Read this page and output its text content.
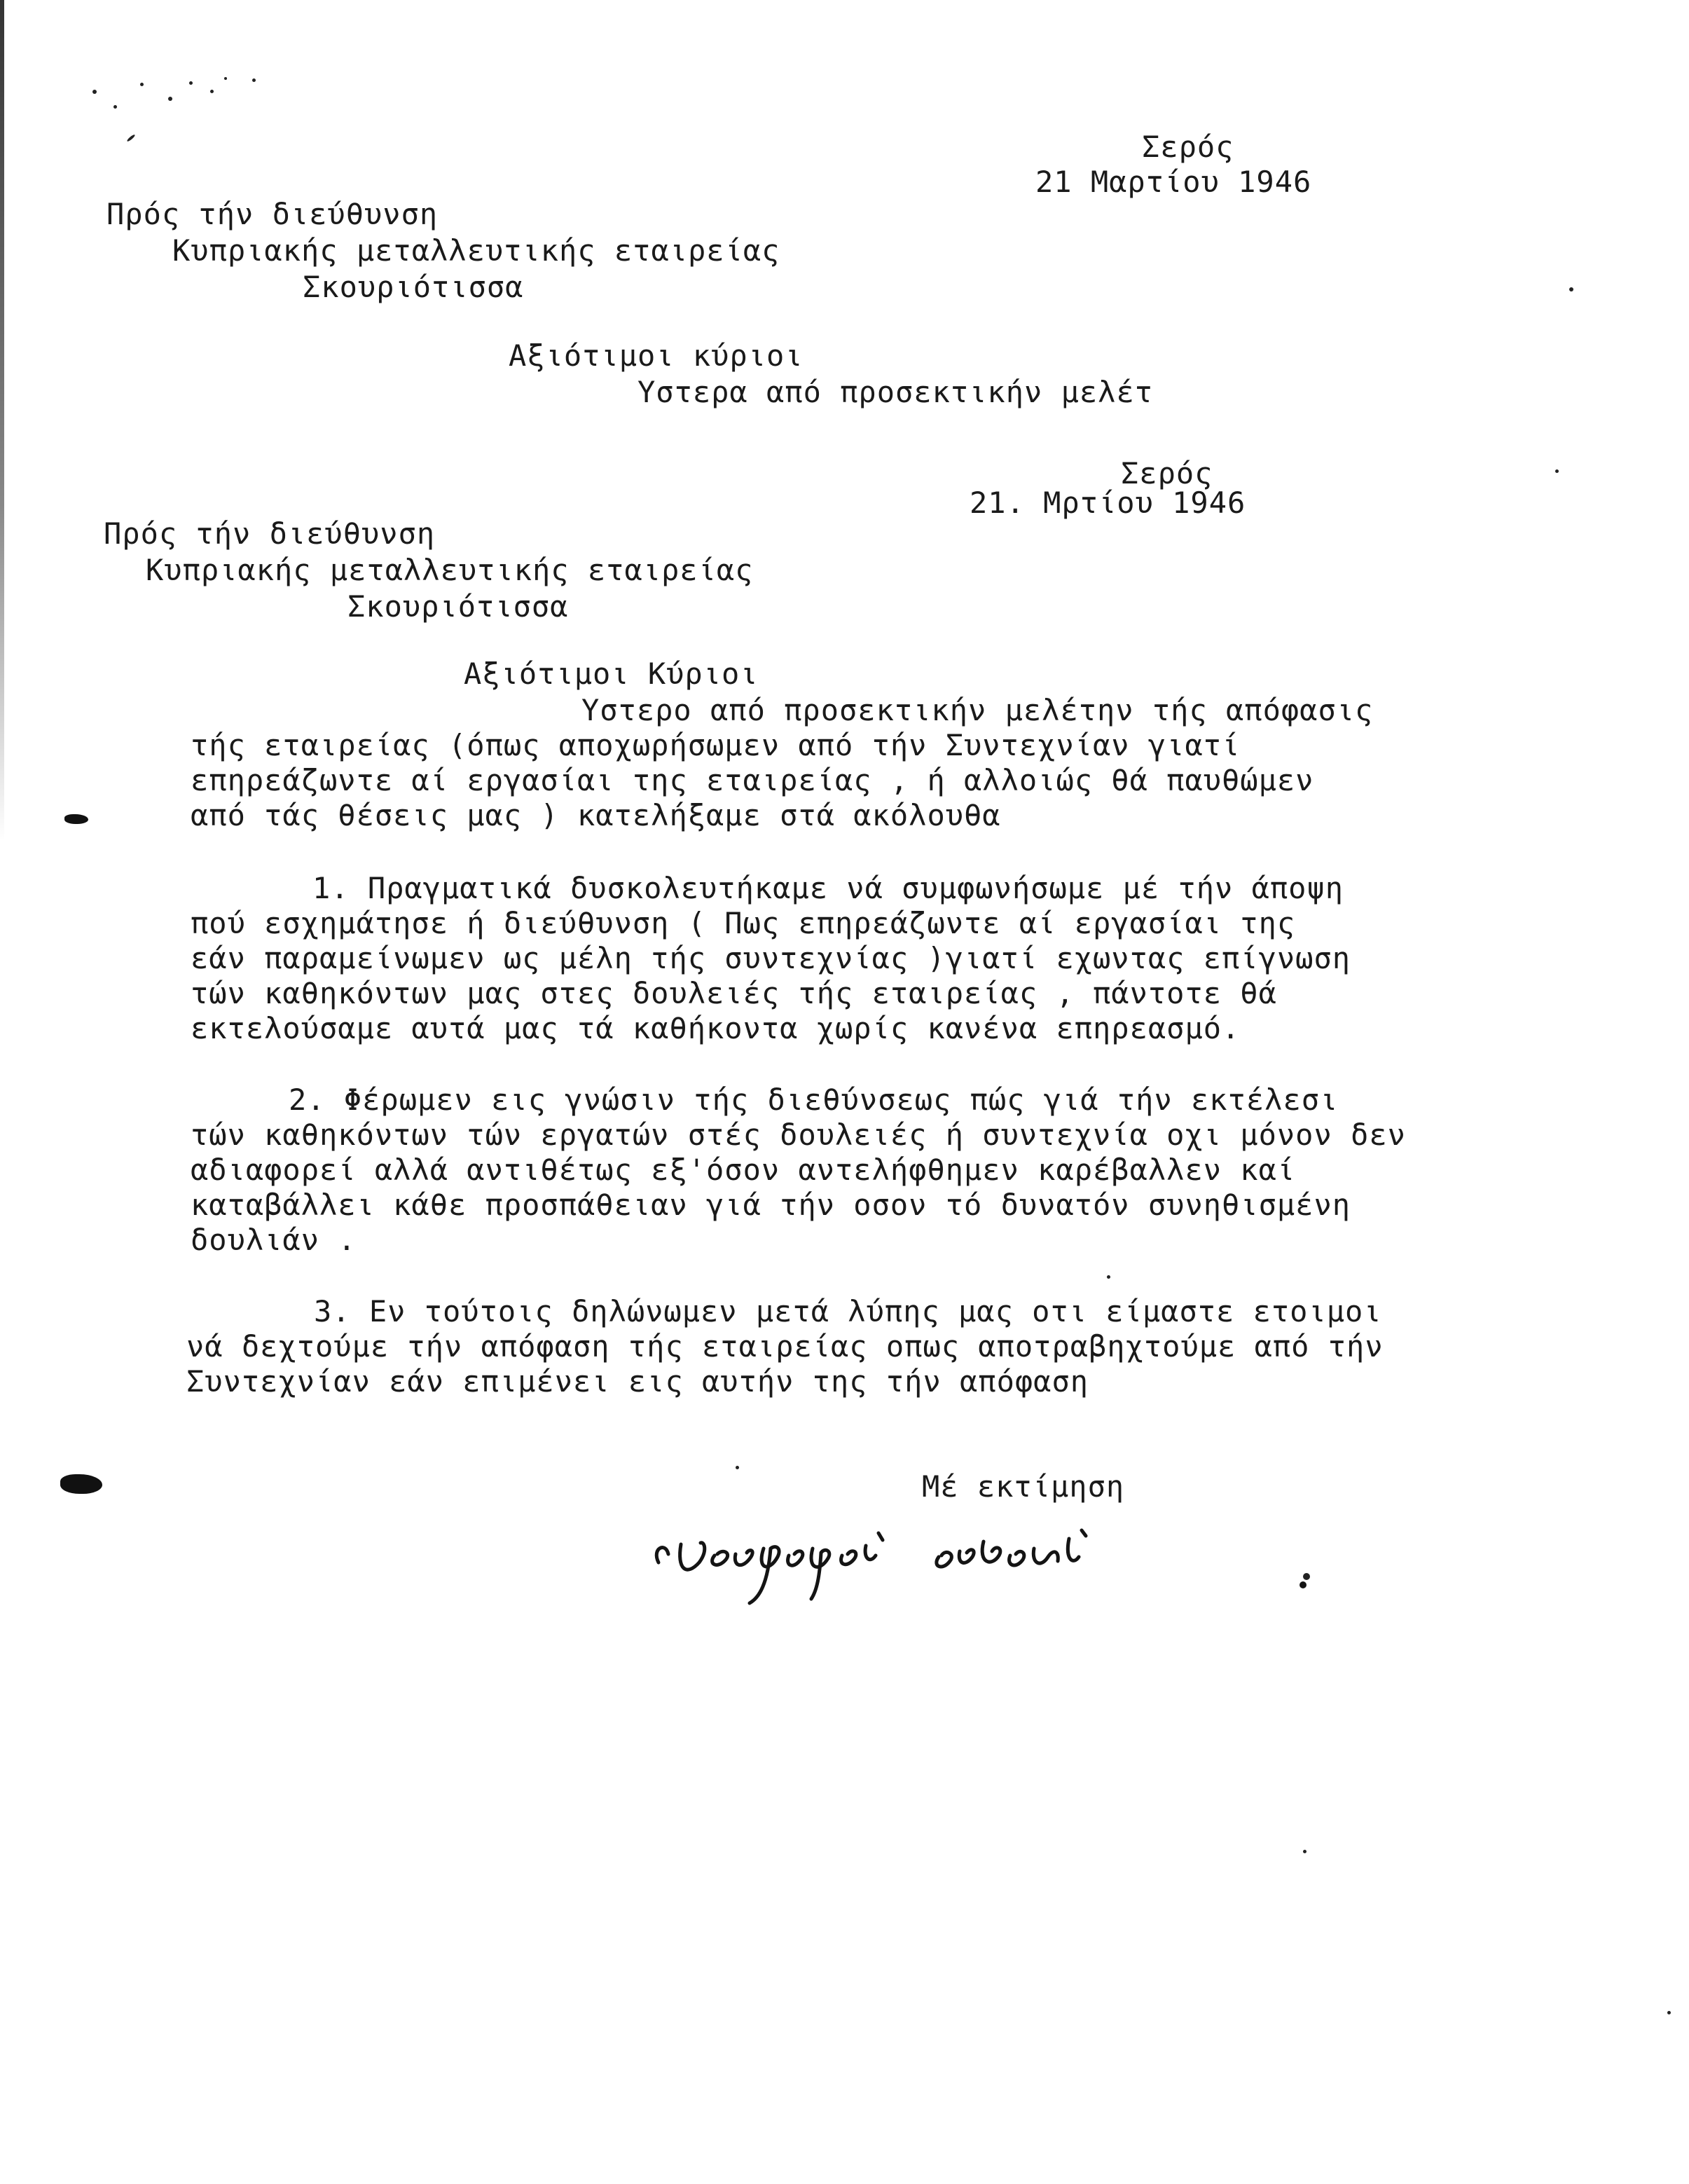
Σερός
21 Μαρτίου 1946
Πρός τήν διεύθυνση
Κυπριακής μεταλλευτικής εταιρείας
Σκουριότισσα
Αξιότιμοι κύριοι
Υστερα από προσεκτικήν μελέτ
Σερός
21. Μρτίου 1946
Πρός τήν διεύθυνση
Κυπριακής μεταλλευτικής εταιρείας
Σκουριότισσα
Αξιότιμοι Κύριοι
Υστερο από προσεκτικήν μελέτην τής απόφασις
τής εταιρείας (όπως αποχωρήσωμεν από τήν Συντεχνίαν γιατί
επηρεάζωντε αί εργασίαι της εταιρείας , ή αλλοιώς θά παυθώμεν
από τάς θέσεις μας ) κατελήξαμε στά ακόλουθα
1. Πραγματικά δυσκολευτήκαμε νά συμφωνήσωμε μέ τήν άποψη
πού εσχημάτησε ή διεύθυνση ( Πως επηρεάζωντε αί εργασίαι της
εάν παραμείνωμεν ως μέλη τής συντεχνίας )γιατί εχωντας επίγνωση
τών καθηκόντων μας στες δουλειές τής εταιρείας , πάντοτε θά
εκτελούσαμε αυτά μας τά καθήκοντα χωρίς κανένα επηρεασμό.
2. Φέρωμεν εις γνώσιν τής διεθύνσεως πώς γιά τήν εκτέλεσι
τών καθηκόντων τών εργατών στές δουλειές ή συντεχνία οχι μόνον δεν
αδιαφορεί αλλά αντιθέτως εξ'όσον αντελήφθημεν καρέβαλλεν καί
καταβάλλει κάθε προσπάθειαν γιά τήν οσον τό δυνατόν συνηθισμένη
δουλιάν .
3. Εν τούτοις δηλώνωμεν μετά λύπης μας οτι είμαστε ετοιμοι
νά δεχτούμε τήν απόφαση τής εταιρείας οπως αποτραβηχτούμε από τήν
Συντεχνίαν εάν επιμένει εις αυτήν της τήν απόφαση
Μέ εκτίμηση
